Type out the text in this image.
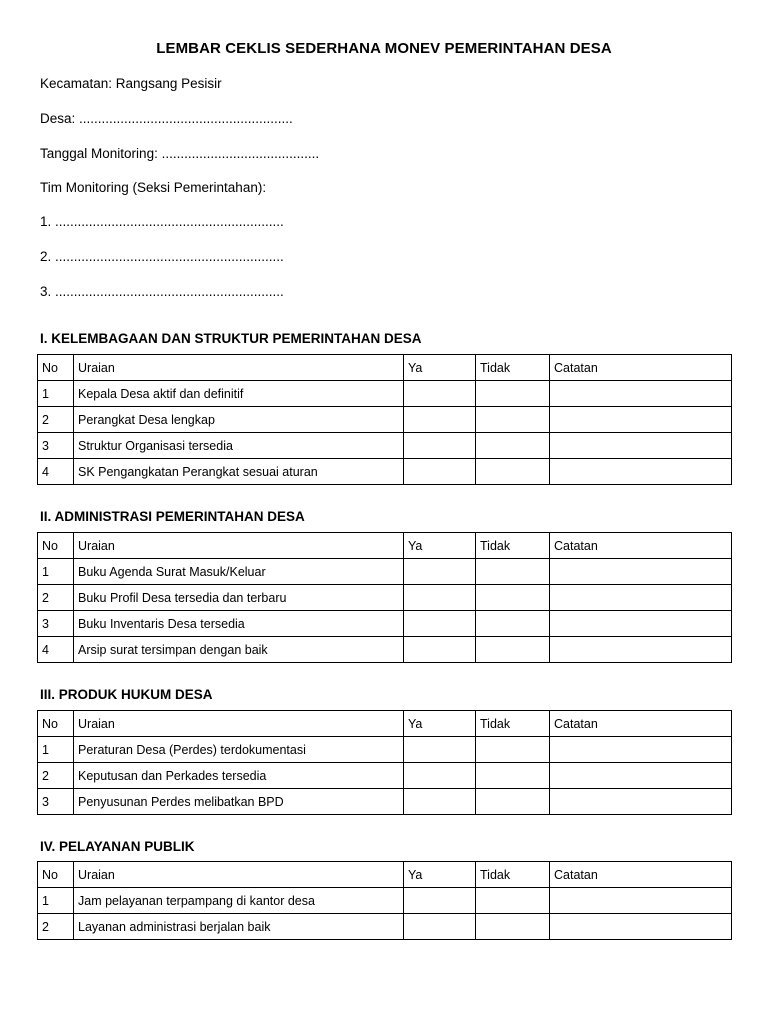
LEMBAR CEKLIS SEDERHANA MONEV PEMERINTAHAN DESA
Kecamatan: Rangsang Pesisir
Desa: .........................................................
Tanggal Monitoring: ..........................................
Tim Monitoring (Seksi Pemerintahan):
1. .............................................................
2. .............................................................
3. .............................................................
I. KELEMBAGAAN DAN STRUKTUR PEMERINTAHAN DESA
No	Uraian	Ya	Tidak	Catatan
1	Kepala Desa aktif dan definitif			
2	Perangkat Desa lengkap			
3	Struktur Organisasi tersedia			
4	SK Pengangkatan Perangkat sesuai aturan			
II. ADMINISTRASI PEMERINTAHAN DESA
No	Uraian	Ya	Tidak	Catatan
1	Buku Agenda Surat Masuk/Keluar			
2	Buku Profil Desa tersedia dan terbaru			
3	Buku Inventaris Desa tersedia			
4	Arsip surat tersimpan dengan baik			
III. PRODUK HUKUM DESA
No	Uraian	Ya	Tidak	Catatan
1	Peraturan Desa (Perdes) terdokumentasi			
2	Keputusan dan Perkades tersedia			
3	Penyusunan Perdes melibatkan BPD			
IV. PELAYANAN PUBLIK
No	Uraian	Ya	Tidak	Catatan
1	Jam pelayanan terpampang di kantor desa			
2	Layanan administrasi berjalan baik			
